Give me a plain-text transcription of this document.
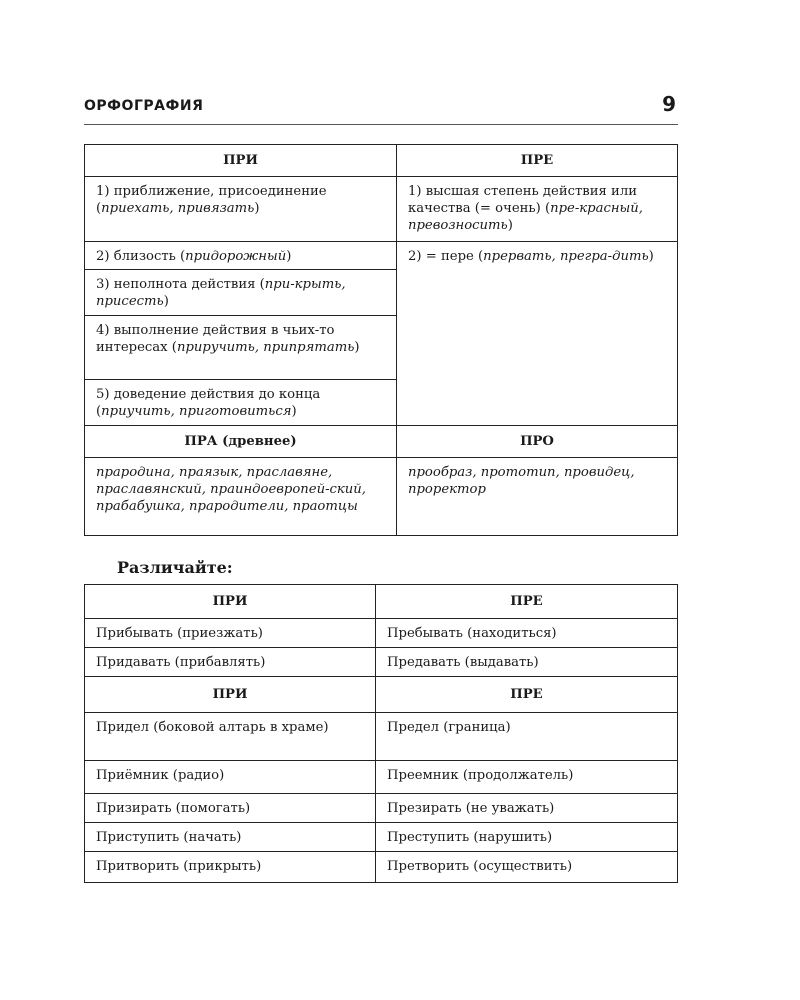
ОРФОГРАФИЯ	9
ПРИ	ПРЕ
1) приближение, присоединение (приехать, привязать)	1) высшая степень действия или качества (= очень) (пре-красный, превозносить)
2) близость (придорожный)	2) = пере (прервать, прегра-дить)
3) неполнота действия (при-крыть, присесть)	
4) выполнение действия в чьих-то интересах (приручить, припрятать)	
5) доведение действия до конца (приучить, приготовиться)	
ПРА (древнее)	ПРО
прародина, праязык, праславяне, праславянский, праиндоевропей-ский, прабабушка, прародители, праотцы	прообраз, прототип, провидец, проректор
Различайте:
ПРИ	ПРЕ
Прибывать (приезжать)	Пребывать (находиться)
Придавать (прибавлять)	Предавать (выдавать)
ПРИ	ПРЕ
Придел (боковой алтарь в храме)	Предел (граница)
Приёмник (радио)	Преемник (продолжатель)
Призирать (помогать)	Презирать (не уважать)
Приступить (начать)	Преступить (нарушить)
Притворить (прикрыть)	Претворить (осуществить)
